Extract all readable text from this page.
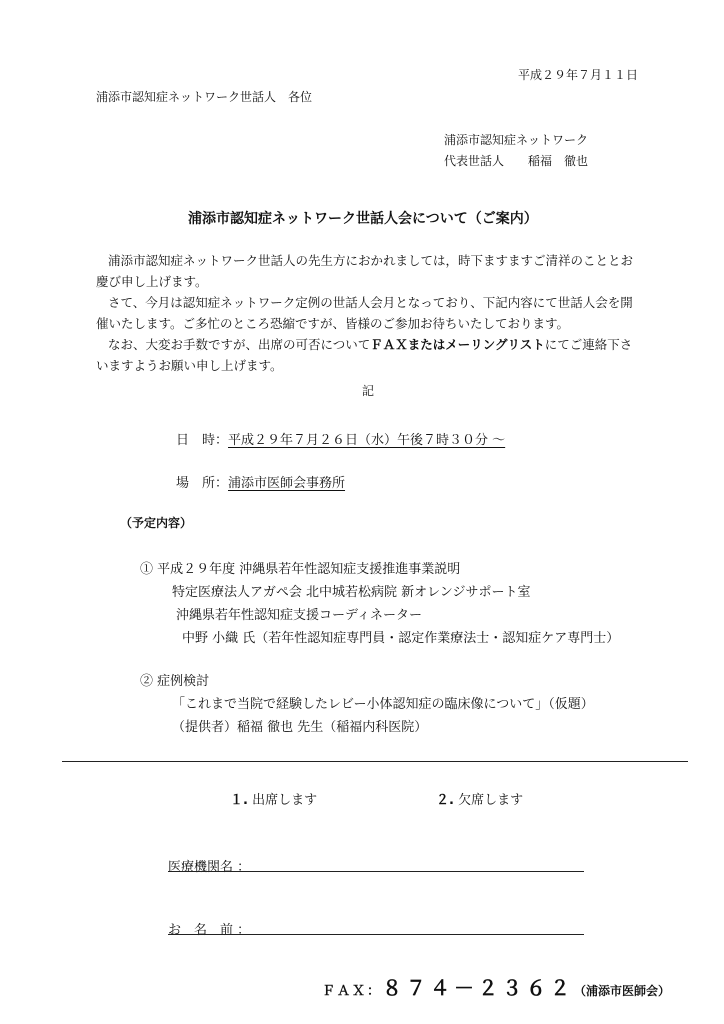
平成２９年７月１１日
浦添市認知症ネットワーク世話人　各位
浦添市認知症ネットワーク
代表世話人　　稲福　徹也
浦添市認知症ネットワーク世話人会について（ご案内）
浦添市認知症ネットワーク世話人の先生方におかれましては，時下ますますご清祥のこととお慶び申し上げます。
さて、今月は認知症ネットワーク定例の世話人会月となっており、下記内容にて世話人会を開催いたします。ご多忙のところ恐縮ですが、皆様のご参加お待ちいたしております。
なお、大変お手数ですが、出席の可否についてＦＡＸまたはメーリングリストにてご連絡下さいますようお願い申し上げます。
記
日　時：平成２９年７月２６日（水）午後７時３０分 ～
場　所：浦添市医師会事務所
（予定内容）
① 平成２９年度 沖縄県若年性認知症支援推進事業説明
特定医療法人アガペ会 北中城若松病院 新オレンジサポート室
沖縄県若年性認知症支援コーディネーター
中野 小織 氏（若年性認知症専門員・認定作業療法士・認知症ケア専門士）
② 症例検討
「これまで当院で経験したレビー小体認知症の臨床像について」（仮題）
（提供者）稲福 徹也 先生（稲福内科医院）
１. 出席します	２. 欠席します
医療機関名 ：
お　名　前 ：
ＦＡＸ：８７４－２３６２（浦添市医師会）
